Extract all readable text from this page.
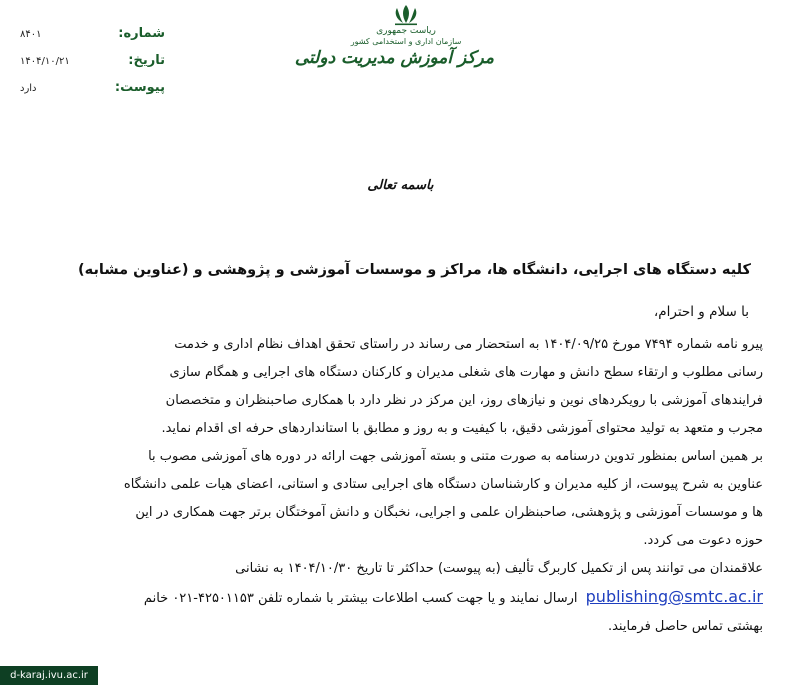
شماره:
۸۴۰۱
تاریخ:
۱۴۰۴/۱۰/۲۱
پیوست:
دارد
ریاست جمهوری
سازمان اداری و استخدامی کشور
مرکز آموزش مدیریت دولتی
باسمه تعالی
کلیه دستگاه های اجرایی، دانشگاه ها، مراکز و موسسات آموزشی و پژوهشی و (عناوین مشابه)
با سلام و احترام،

پیرو نامه شماره ۷۴۹۴ مورخ ۱۴۰۴/۰۹/۲۵ به استحضار می رساند در راستای تحقق اهداف نظام اداری و خدمت
رسانی مطلوب و ارتقاء سطح دانش و مهارت های شغلی مدیران و کارکنان دستگاه های اجرایی و همگام سازی
فرایندهای آموزشی با رویکردهای نوین و نیازهای روز، این مرکز در نظر دارد با همکاری صاحبنظران و متخصصان
مجرب و متعهد به تولید محتوای آموزشی دقیق، با کیفیت و به روز و مطابق با استانداردهای حرفه ای اقدام نماید.

بر همین اساس بمنظور تدوین درسنامه به صورت متنی و بسته آموزشی جهت ارائه در دوره های آموزشی مصوب با
عناوین به شرح پیوست، از کلیه مدیران و کارشناسان دستگاه های اجرایی ستادی و استانی، اعضای هیات علمی دانشگاه
ها و موسسات آموزشی و پژوهشی، صاحبنظران علمی و اجرایی، نخبگان و دانش آموختگان برتر جهت همکاری در این
حوزه دعوت می کردد.

علاقمندان می توانند پس از تکمیل کاربرگ تألیف (به پیوست) حداکثر تا تاریخ ۱۴۰۴/۱۰/۳۰ به نشانی
publishing@smtc.ac.ir ارسال نمایند و یا جهت کسب اطلاعات بیشتر با شماره تلفن ۴۲۵۰۱۱۵۳-۰۲۱ خانم
بهشتی تماس حاصل فرمایند.

d-karaj.ivu.ac.ir
